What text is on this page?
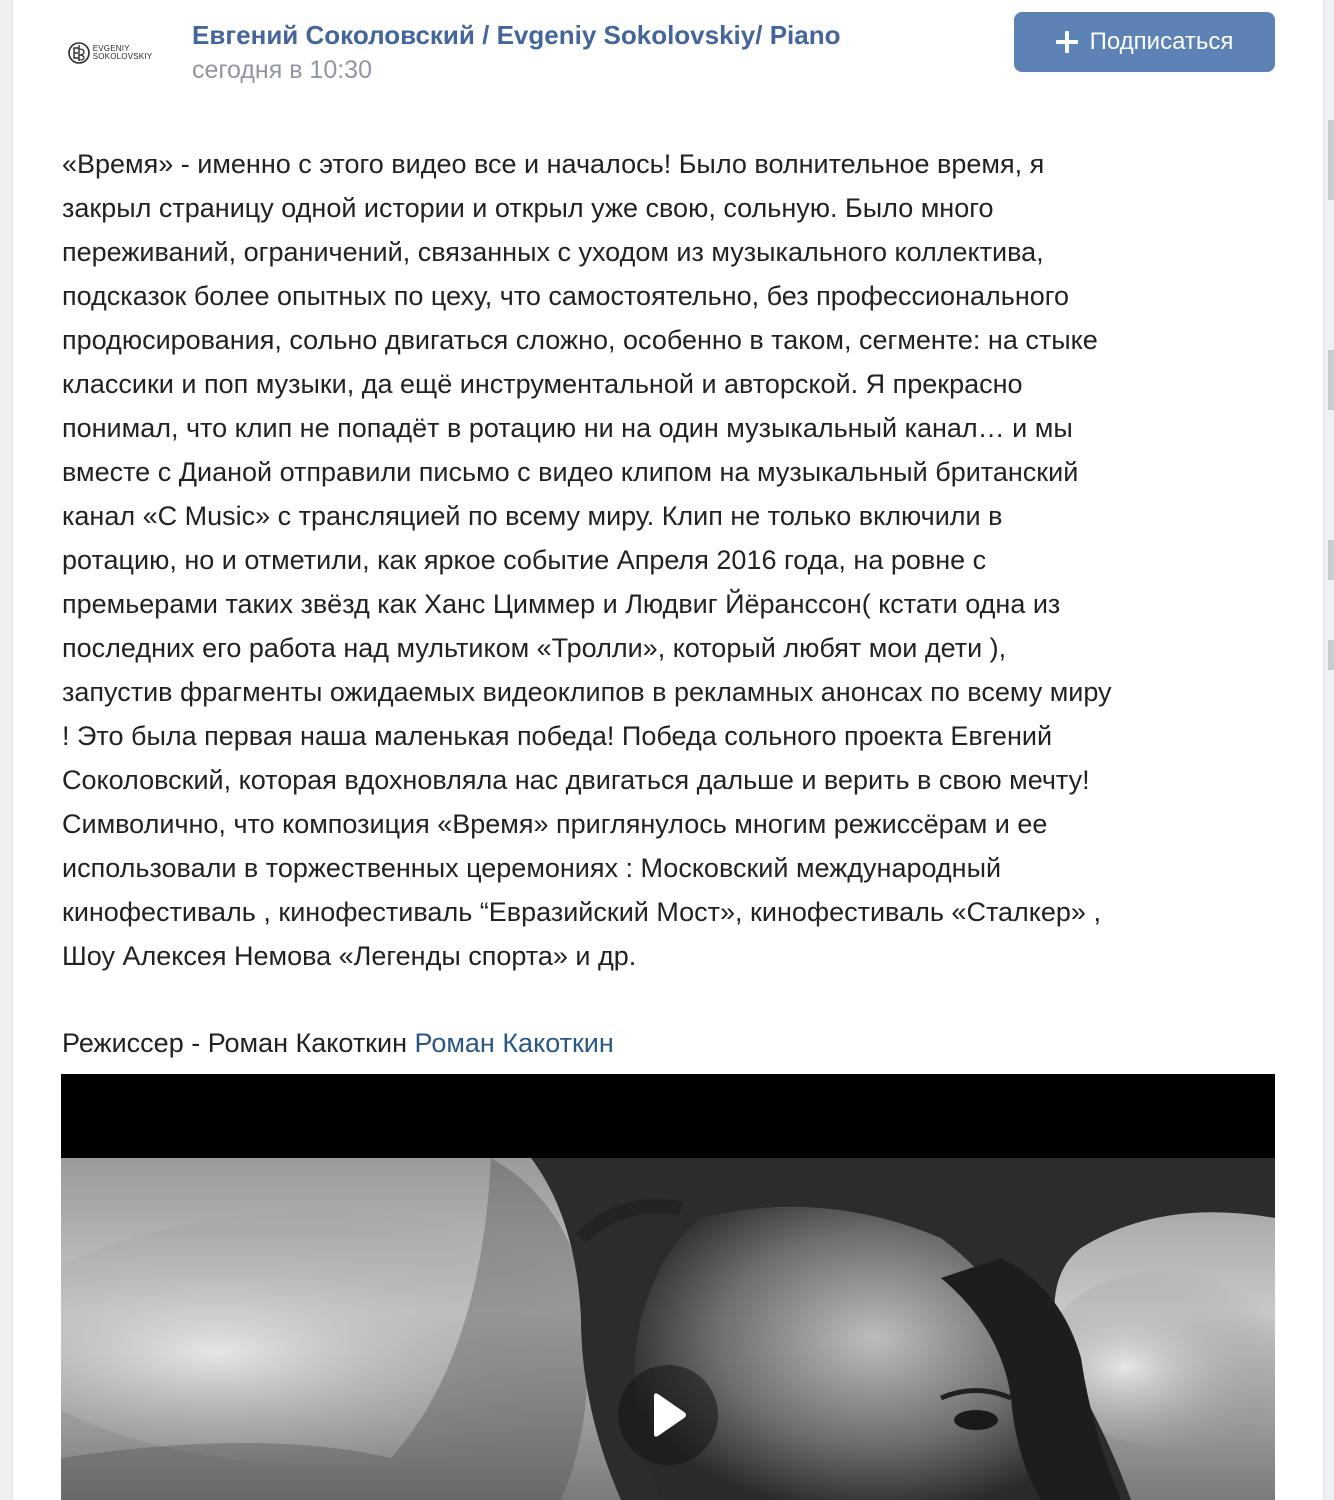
EVGENIY
SOKOLOVSKIY
Евгений Соколовский / Evgeniy Sokolovskiy/ Piano
сегодня в 10:30
Подписаться
«Время» - именно с этого видео все и началось! Было волнительное время, я
закрыл страницу одной истории и открыл уже свою, сольную. Было много
переживаний, ограничений, связанных с уходом из музыкального коллектива,
подсказок более опытных по цеху, что самостоятельно, без профессионального
продюсирования, сольно двигаться сложно, особенно в таком, сегменте: на стыке
классики и поп музыки, да ещё инструментальной и авторской. Я прекрасно
понимал, что клип не попадёт в ротацию ни на один музыкальный канал… и мы
вместе с Дианой отправили письмо с видео клипом на музыкальный британский
канал «C Music» с трансляцией по всему миру. Клип не только включили в
ротацию, но и отметили, как яркое событие Апреля 2016 года, на ровне с
премьерами таких звёзд как Ханс Циммер и Людвиг Йёранссон( кстати одна из
последних его работа над мультиком «Тролли», который любят мои дети ),
запустив фрагменты ожидаемых видеоклипов в рекламных анонсах по всему миру
! Это была первая наша маленькая победа! Победа сольного проекта Евгений
Соколовский, которая вдохновляла нас двигаться дальше и верить в свою мечту!
Символично, что композиция «Время» приглянулось многим режиссёрам и ее
использовали в торжественных церемониях : Московский международный
кинофестиваль , кинофестиваль “Евразийский Мост», кинофестиваль «Сталкер» ,
Шоу Алексея Немова «Легенды спорта» и др.
Режиссер - Роман Какоткин Роман Какоткин
